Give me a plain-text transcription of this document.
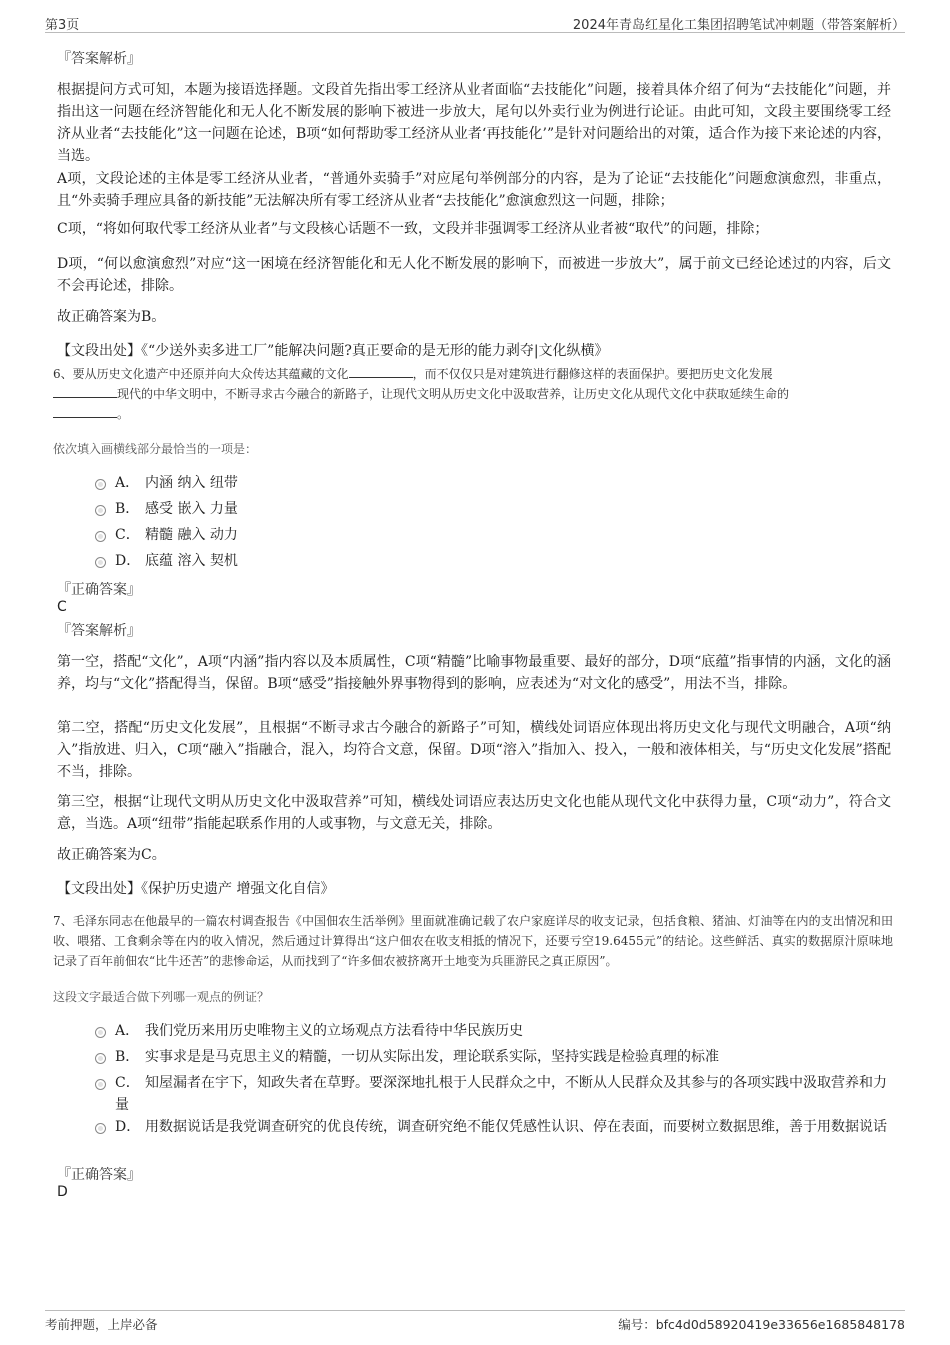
第3页	2024年青岛红星化工集团招聘笔试冲刺题（带答案解析）
『答案解析』
根据提问方式可知，本题为接语选择题。文段首先指出零工经济从业者面临“去技能化”问题，接着具体介绍了何为“去技能化”问题，并指出这一问题在经济智能化和无人化不断发展的影响下被进一步放大，尾句以外卖行业为例进行论证。由此可知，文段主要围绕零工经济从业者“去技能化”这一问题在论述，B项“如何帮助零工经济从业者‘再技能化’”是针对问题给出的对策，适合作为接下来论述的内容，当选。
A项，文段论述的主体是零工经济从业者，“普通外卖骑手”对应尾句举例部分的内容，是为了论证“去技能化”问题愈演愈烈，非重点，且“外卖骑手理应具备的新技能”无法解决所有零工经济从业者“去技能化”愈演愈烈这一问题，排除；
C项，“将如何取代零工经济从业者”与文段核心话题不一致，文段并非强调零工经济从业者被“取代”的问题，排除；
D项，“何以愈演愈烈”对应“这一困境在经济智能化和无人化不断发展的影响下，而被进一步放大”，属于前文已经论述过的内容，后文不会再论述，排除。
故正确答案为B。
【文段出处】《“少送外卖多进工厂”能解决问题?真正要命的是无形的能力剥夺|文化纵横》
6、要从历史文化遗产中还原并向大众传达其蕴藏的文化	，而不仅仅只是对建筑进行翻修这样的表面保护。要把历史文化发展
现代的中华文明中，不断寻求古今融合的新路子，让现代文明从历史文化中汲取营养，让历史文化从现代文化中获取延续生命的
。
依次填入画横线部分最恰当的一项是：
A． 内涵 纳入 纽带
B． 感受 嵌入 力量
C． 精髓 融入 动力
D． 底蕴 溶入 契机
『正确答案』
C
『答案解析』
第一空，搭配“文化”，A项“内涵”指内容以及本质属性，C项“精髓”比喻事物最重要、最好的部分，D项“底蕴”指事情的内涵，文化的涵养，均与“文化”搭配得当，保留。B项“感受”指接触外界事物得到的影响，应表述为“对文化的感受”，用法不当，排除。
第二空，搭配“历史文化发展”，且根据“不断寻求古今融合的新路子”可知，横线处词语应体现出将历史文化与现代文明融合，A项“纳入”指放进、归入，C项“融入”指融合，混入，均符合文意，保留。D项“溶入”指加入、投入，一般和液体相关，与“历史文化发展”搭配不当，排除。
第三空，根据“让现代文明从历史文化中汲取营养”可知，横线处词语应表达历史文化也能从现代文化中获得力量，C项“动力”，符合文意，当选。A项“纽带”指能起联系作用的人或事物，与文意无关，排除。
故正确答案为C。
【文段出处】《保护历史遗产 增强文化自信》
7、毛泽东同志在他最早的一篇农村调查报告《中国佃农生活举例》里面就准确记载了农户家庭详尽的收支记录，包括食粮、猪油、灯油等在内的支出情况和田收、喂猪、工食剩余等在内的收入情况，然后通过计算得出“这户佃农在收支相抵的情况下，还要亏空19.6455元”的结论。这些鲜活、真实的数据原汁原味地记录了百年前佃农“比牛还苦”的悲惨命运，从而找到了“许多佃农被挤离开土地变为兵匪游民之真正原因”。
这段文字最适合做下列哪一观点的例证？
A． 我们党历来用历史唯物主义的立场观点方法看待中华民族历史
B． 实事求是是马克思主义的精髓，一切从实际出发，理论联系实际，坚持实践是检验真理的标准
C． 知屋漏者在宇下，知政失者在草野。要深深地扎根于人民群众之中，不断从人民群众及其参与的各项实践中汲取营养和力量
D． 用数据说话是我党调查研究的优良传统，调查研究绝不能仅凭感性认识、停在表面，而要树立数据思维，善于用数据说话
『正确答案』
D
考前押题，上岸必备	编号：bfc4d0d58920419e33656e1685848178
